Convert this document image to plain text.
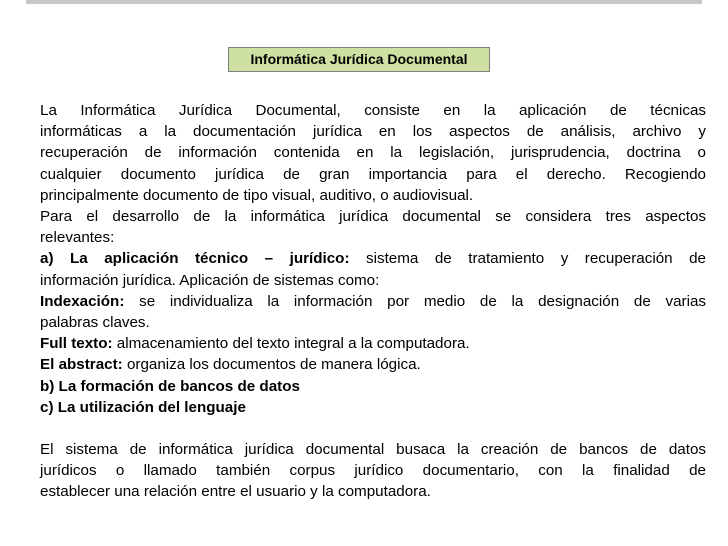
Informática Jurídica Documental
La Informática Jurídica Documental, consiste en la aplicación de técnicas
informáticas a la documentación jurídica en los aspectos de análisis, archivo y
recuperación de información contenida en la legislación, jurisprudencia, doctrina o
cualquier documento jurídica de gran importancia para el derecho. Recogiendo
principalmente documento de tipo visual, auditivo, o audiovisual.
Para el desarrollo de la informática jurídica documental se considera tres aspectos
relevantes:
a) La aplicación técnico – jurídico: sistema de tratamiento y recuperación de
información jurídica. Aplicación de sistemas como:
Indexación: se individualiza la información por medio de la designación de varias
palabras claves.
Full texto: almacenamiento del texto integral a la computadora.
El abstract: organiza los documentos de manera lógica.
b) La formación de bancos de datos
c) La utilización del lenguaje
El sistema de informática jurídica documental busaca la creación de bancos de datos
jurídicos o llamado también corpus jurídico documentario, con la finalidad de
establecer una relación entre el usuario y la computadora.
